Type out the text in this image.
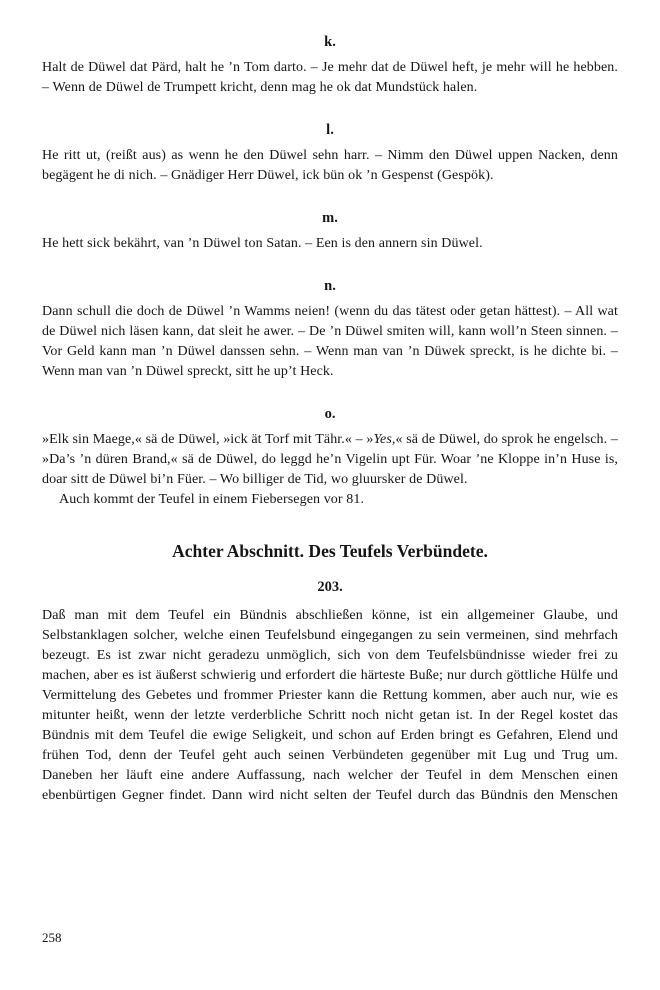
k.

Halt de Düwel dat Pärd, halt he ’n Tom darto. – Je mehr dat de Düwel heft, je mehr will he hebben. – Wenn de Düwel de Trumpett kricht, denn mag he ok dat Mundstück halen.

l.

He ritt ut, (reißt aus) as wenn he den Düwel sehn harr. – Nimm den Düwel uppen Nacken, denn begägent he di nich. – Gnädiger Herr Düwel, ick bün ok ’n Gespenst (Gespök).

m.

He hett sick bekährt, van ’n Düwel ton Satan. – Een is den annern sin Düwel.

n.

Dann schull die doch de Düwel ’n Wamms neien! (wenn du das tätest oder getan hättest). – All wat de Düwel nich läsen kann, dat sleit he awer. – De ’n Düwel smiten will, kann woll’n Steen sinnen. – Vor Geld kann man ’n Düwel danssen sehn. – Wenn man van ’n Düwek spreckt, is he dichte bi. – Wenn man van ’n Düwel spreckt, sitt he up’t Heck.

o.

»Elk sin Maege,« sä de Düwel, »ick ät Torf mit Tähr.« – »Yes,« sä de Düwel, do sprok he engelsch. – »Da’s ’n düren Brand,« sä de Düwel, do leggd he’n Vigelin upt Für. Woar ’ne Kloppe in’n Huse is, doar sitt de Düwel bi’n Füer. – Wo billiger de Tid, wo gluursker de Düwel.

Auch kommt der Teufel in einem Fiebersegen vor 81.

Achter Abschnitt. Des Teufels Verbündete.
203.

Daß man mit dem Teufel ein Bündnis abschließen könne, ist ein allgemeiner Glaube, und Selbstanklagen solcher, welche einen Teufelsbund eingegangen zu sein vermeinen, sind mehrfach bezeugt. Es ist zwar nicht geradezu unmöglich, sich von dem Teufelsbündnisse wieder frei zu machen, aber es ist äußerst schwierig und erfordert die härteste Buße; nur durch göttliche Hülfe und Vermittelung des Gebetes und frommer Priester kann die Rettung kommen, aber auch nur, wie es mitunter heißt, wenn der letzte verderbliche Schritt noch nicht getan ist. In der Regel kostet das Bündnis mit dem Teufel die ewige Seligkeit, und schon auf Erden bringt es Gefahren, Elend und frühen Tod, denn der Teufel geht auch seinen Verbündeten gegenüber mit Lug und Trug um. Daneben her läuft eine andere Auffassung, nach welcher der Teufel in dem Menschen einen ebenbürtigen Gegner findet. Dann wird nicht selten der Teufel durch das Bündnis den Menschen

258
